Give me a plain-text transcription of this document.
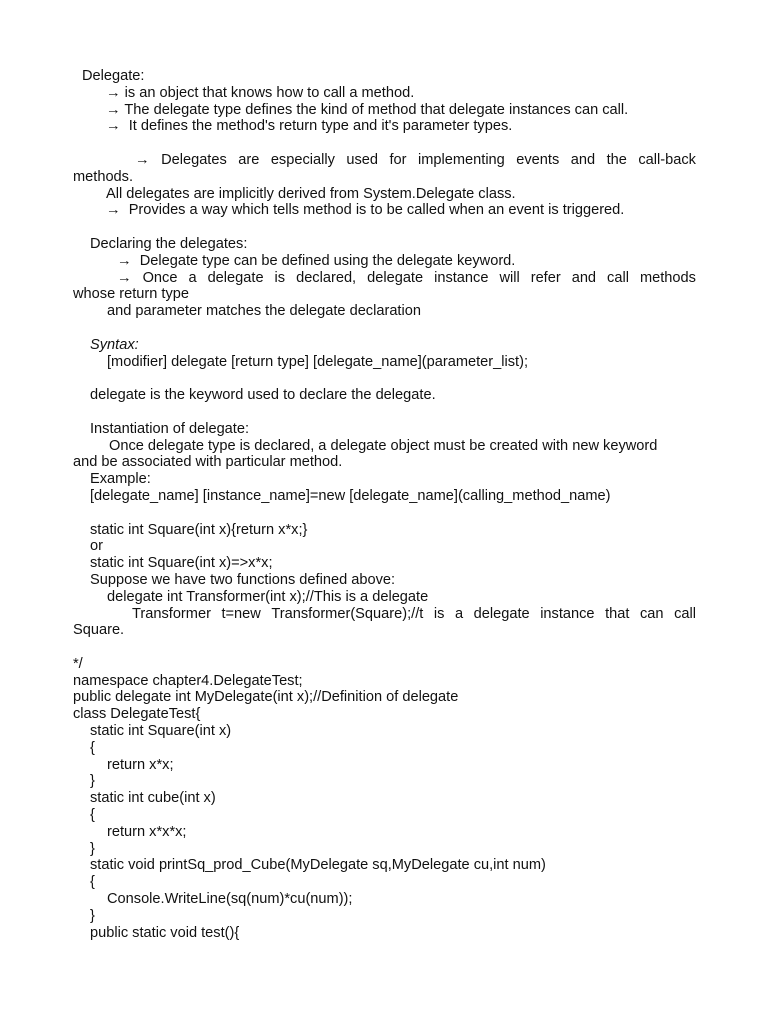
Delegate:
→ is an object that knows how to call a method.
→ The delegate type defines the kind of method that delegate instances can call.
→  It defines the method's return type and it's parameter types.
→ Delegates are especially used for implementing events and the call-back
methods.
All delegates are implicitly derived from System.Delegate class.
→  Provides a way which tells method is to be called when an event is triggered.
Declaring the delegates:
→  Delegate type can be defined using the delegate keyword.
→ Once a delegate is declared, delegate instance will refer and call methods
whose return type
and parameter matches the delegate declaration
Syntax:
[modifier] delegate [return type] [delegate_name](parameter_list);
delegate is the keyword used to declare the delegate.
Instantiation of delegate:
Once delegate type is declared, a delegate object must be created with new keyword
and be associated with particular method.
Example:
[delegate_name] [instance_name]=new [delegate_name](calling_method_name)
static int Square(int x){return x*x;}
or
static int Square(int x)=>x*x;
Suppose we have two functions defined above:
delegate int Transformer(int x);//This is a delegate
Transformer t=new Transformer(Square);//t is a delegate instance that can call
Square.
*/
namespace chapter4.DelegateTest;
public delegate int MyDelegate(int x);//Definition of delegate
class DelegateTest{
static int Square(int x)
{
return x*x;
}
static int cube(int x)
{
return x*x*x;
}
static void printSq_prod_Cube(MyDelegate sq,MyDelegate cu,int num)
{
Console.WriteLine(sq(num)*cu(num));
}
public static void test(){
